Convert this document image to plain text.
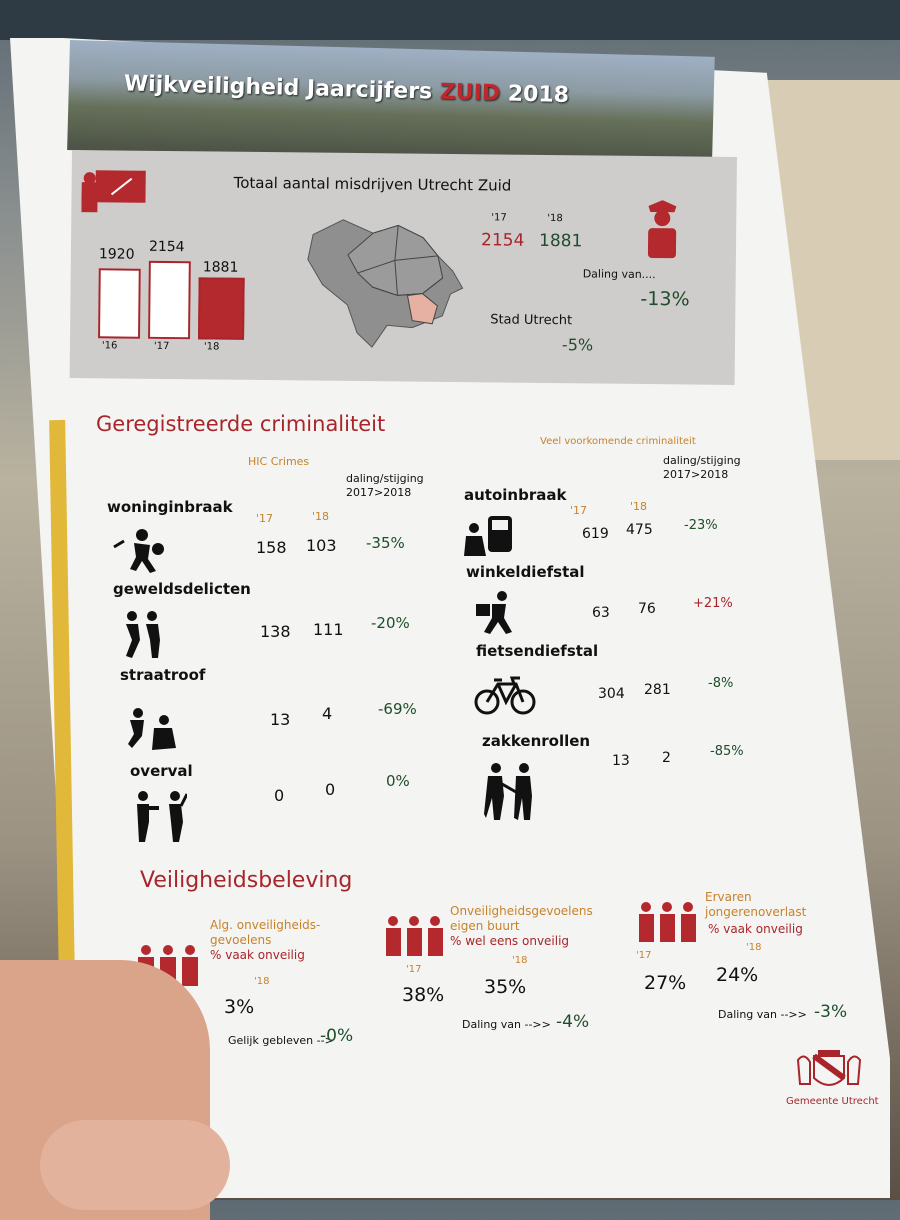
Wijkveiligheid Jaarcijfers ZUID 2018
Totaal aantal misdrijven Utrecht Zuid
1920 2154
1881
'16	'17	'18
'17	'18
2154 1881
Daling van....
-13%
Stad Utrecht
-5%
Geregistreerde criminaliteit
HIC Crimes
Veel voorkomende criminaliteit
daling/stijging
2017>2018
daling/stijging
2017>2018
'17	'18	'17	'18
woninginbraak
158 103 -35%
geweldsdelicten
138 111 -20%
straatroof
13 4	-69%
overval
0	0	0%
autoinbraak
619 475 -23%
winkeldiefstal
63 76	+21%
fietsendiefstal
304 281	-8%
zakkenrollen
13 2	-85%
Veiligheidsbeleving
Alg. onveiligheids-
gevoelens
% vaak onveilig
'18
3%
Gelijk gebleven -->
-0%
Onveiligheidsgevoelens
eigen buurt
% wel eens onveilig
'17
'18
38% 35%
Daling van -->> -4%
Ervaren
jongerenoverlast
% vaak onveilig
'17
'18
27% 24%
Daling van -->> -3%
Gemeente Utrecht
